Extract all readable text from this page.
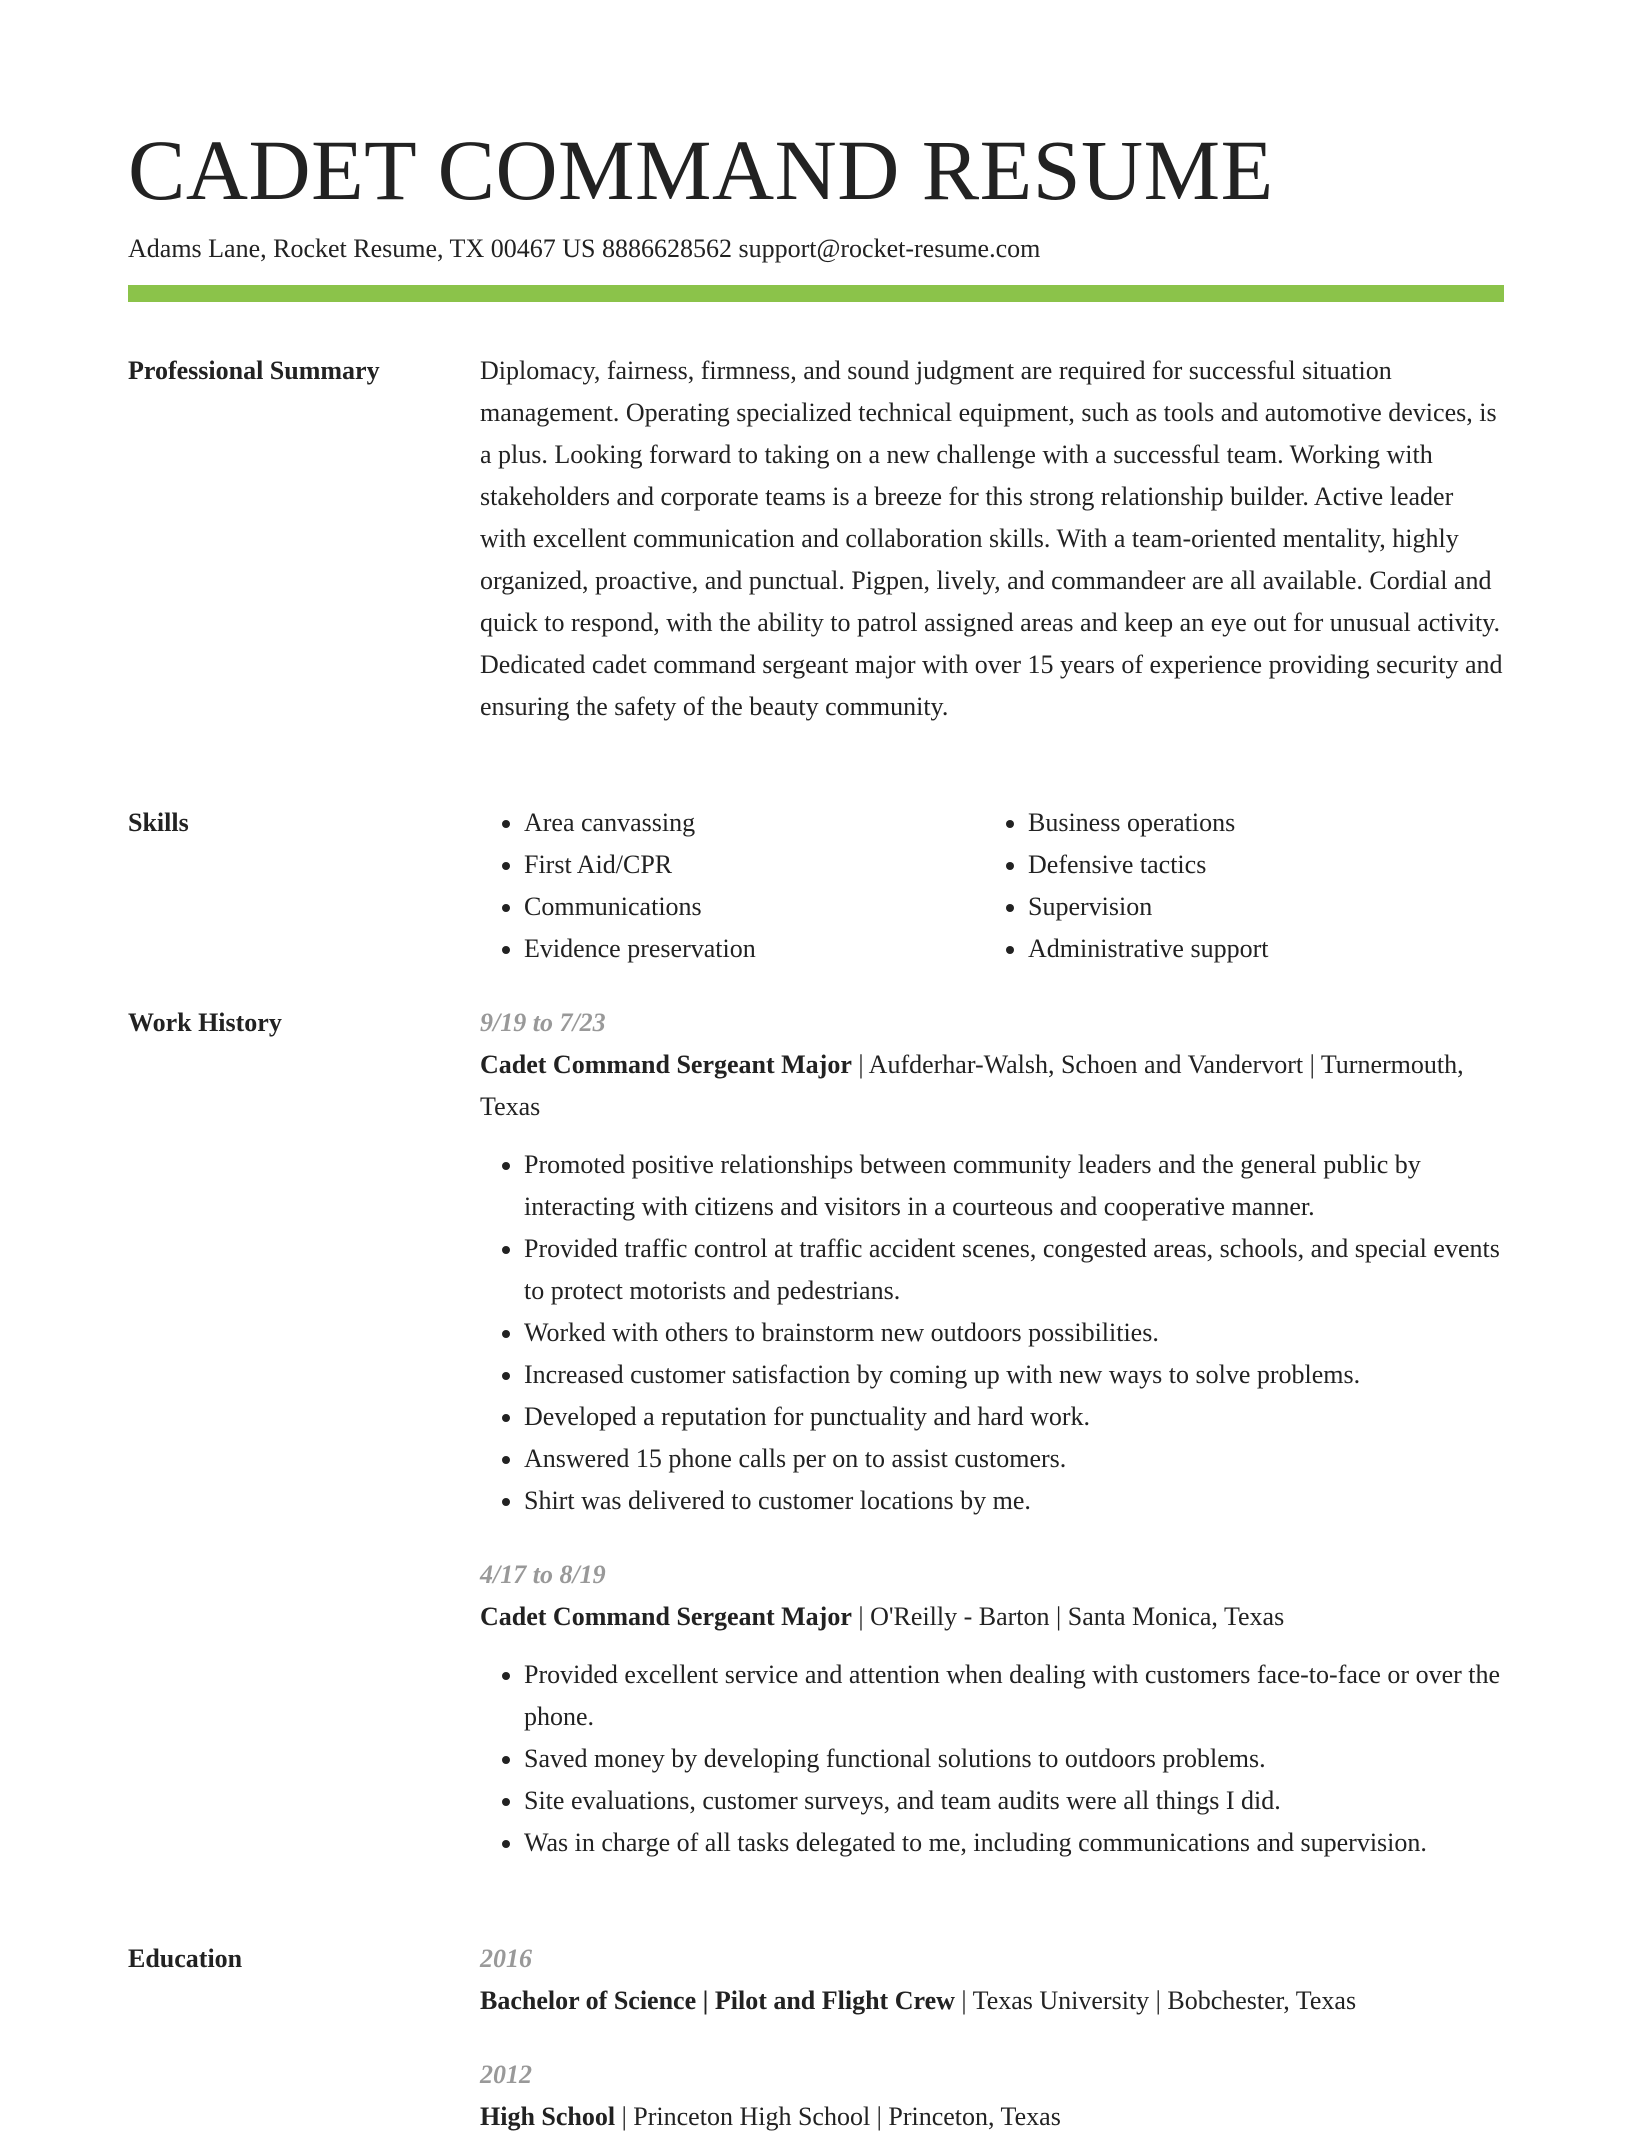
CADET COMMAND RESUME
Adams Lane, Rocket Resume, TX 00467 US 8886628562 support@rocket-resume.com
Professional Summary	Diplomacy, fairness, firmness, and sound judgment are required for successful situation management. Operating specialized technical equipment, such as tools and automotive devices, is a plus. Looking forward to taking on a new challenge with a successful team. Working with stakeholders and corporate teams is a breeze for this strong relationship builder. Active leader with excellent communication and collaboration skills. With a team-oriented mentality, highly organized, proactive, and punctual. Pigpen, lively, and commandeer are all available. Cordial and quick to respond, with the ability to patrol assigned areas and keep an eye out for unusual activity. Dedicated cadet command sergeant major with over 15 years of experience providing security and ensuring the safety of the beauty community.

Skills
•	Area canvassing
• First Aid/CPR
• Communications
• Evidence preservation
• Business operations
• Defensive tactics
• Supervision
• Administrative support
Work History	9/19 to 7/23
Cadet Command Sergeant Major | Aufderhar-Walsh, Schoen and Vandervort | Turnermouth, Texas
• Promoted positive relationships between community leaders and the general public by interacting with citizens and visitors in a courteous and cooperative manner.
• Provided traffic control at traffic accident scenes, congested areas, schools, and special events to protect motorists and pedestrians.
• Worked with others to brainstorm new outdoors possibilities.
• Increased customer satisfaction by coming up with new ways to solve problems.
• Developed a reputation for punctuality and hard work.
• Answered 15 phone calls per on to assist customers.
• Shirt was delivered to customer locations by me.
4/17 to 8/19
Cadet Command Sergeant Major | O'Reilly - Barton | Santa Monica, Texas
• Provided excellent service and attention when dealing with customers face-to-face or over the phone.
• Saved money by developing functional solutions to outdoors problems.
• Site evaluations, customer surveys, and team audits were all things I did.
• Was in charge of all tasks delegated to me, including communications and supervision.
Education	2016
Bachelor of Science | Pilot and Flight Crew | Texas University | Bobchester, Texas
2012
High School | Princeton High School | Princeton, Texas
